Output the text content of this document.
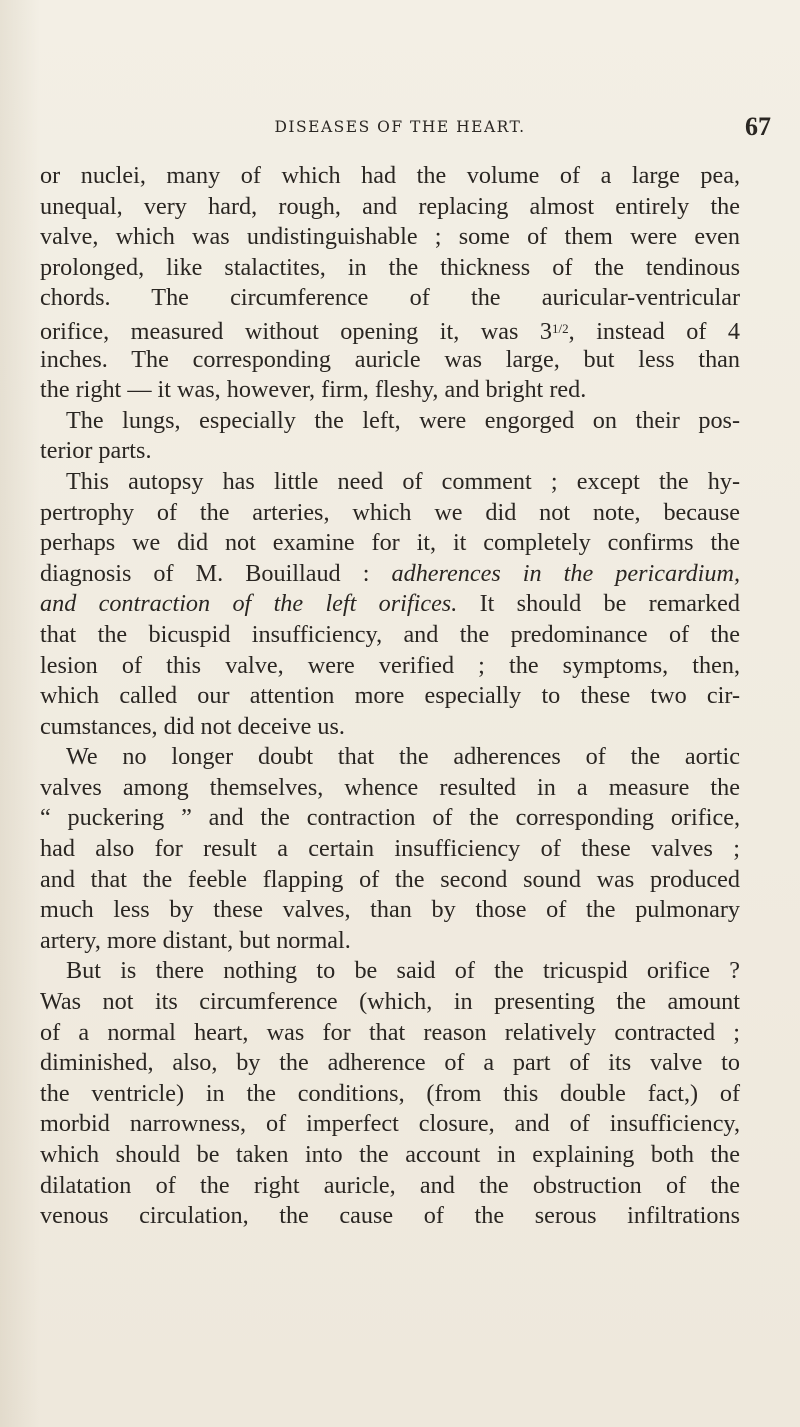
DISEASES OF THE HEART.	67
or nuclei, many of which had the volume of a large pea,
unequal, very hard, rough, and replacing almost entirely the
valve, which was undistinguishable ; some of them were even
prolonged, like stalactites, in the thickness of the tendinous
chords. The circumference of the auricular-ventricular
orifice, measured without opening it, was $3^{1/2}$, instead of 4
inches. The corresponding auricle was large, but less than
the right — it was, however, firm, fleshy, and bright red.
The lungs, especially the left, were engorged on their pos-
terior parts.
This autopsy has little need of comment ; except the hy-
pertrophy of the arteries, which we did not note, because
perhaps we did not examine for it, it completely confirms the
diagnosis of M. Bouillaud : adherences in the pericardium,
and contraction of the left orifices. It should be remarked
that the bicuspid insufficiency, and the predominance of the
lesion of this valve, were verified ; the symptoms, then,
which called our attention more especially to these two cir-
cumstances, did not deceive us.
We no longer doubt that the adherences of the aortic
valves among themselves, whence resulted in a measure the
“ puckering ” and the contraction of the corresponding orifice,
had also for result a certain insufficiency of these valves ;
and that the feeble flapping of the second sound was produced
much less by these valves, than by those of the pulmonary
artery, more distant, but normal.
But is there nothing to be said of the tricuspid orifice ?
Was not its circumference (which, in presenting the amount
of a normal heart, was for that reason relatively contracted ;
diminished, also, by the adherence of a part of its valve to
the ventricle) in the conditions, (from this double fact,) of
morbid narrowness, of imperfect closure, and of insufficiency,
which should be taken into the account in explaining both the
dilatation of the right auricle, and the obstruction of the
venous circulation, the cause of the serous infiltrations
